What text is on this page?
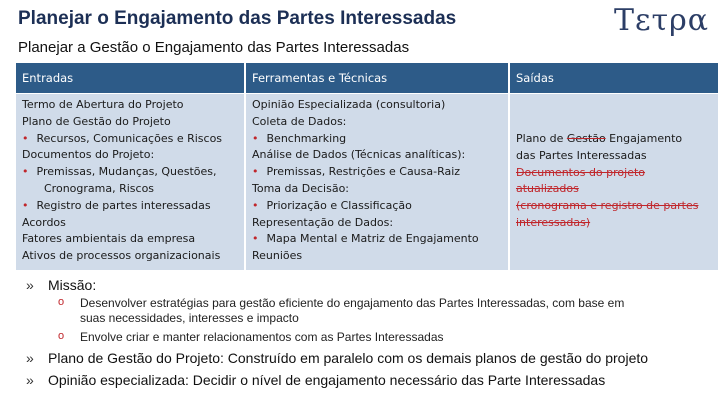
Planejar o Engajamento das Partes Interessadas
Planejar a Gestão o Engajamento das Partes Interessadas
Τετρα
Entradas	Ferramentas e Técnicas	Saídas
Termo de Abertura do Projeto
Plano de Gestão do Projeto
• Recursos, Comunicações e Riscos
Documentos do Projeto:
• Premissas, Mudanças, Questões,
Cronograma, Riscos
• Registro de partes interessadas
Acordos
Fatores ambientais da empresa
Ativos de processos organizacionais
Opinião Especializada (consultoria)
Coleta de Dados:
• Benchmarking
Análise de Dados (Técnicas analíticas):
• Premissas, Restrições e Causa-Raiz
Toma da Decisão:
• Priorização e Classificação
Representação de Dados:
• Mapa Mental e Matriz de Engajamento
Reuniões
Plano de Gestão Engajamento
das Partes Interessadas
Documentos do projeto
atualizados
(cronograma e registro de partes
interessadas)
» Missão:
o Desenvolver estratégias para gestão eficiente do engajamento das Partes Interessadas, com base em
suas necessidades, interesses e impacto
o Envolve criar e manter relacionamentos com as Partes Interessadas
» Plano de Gestão do Projeto: Construído em paralelo com os demais planos de gestão do projeto
» Opinião especializada: Decidir o nível de engajamento necessário das Parte Interessadas
